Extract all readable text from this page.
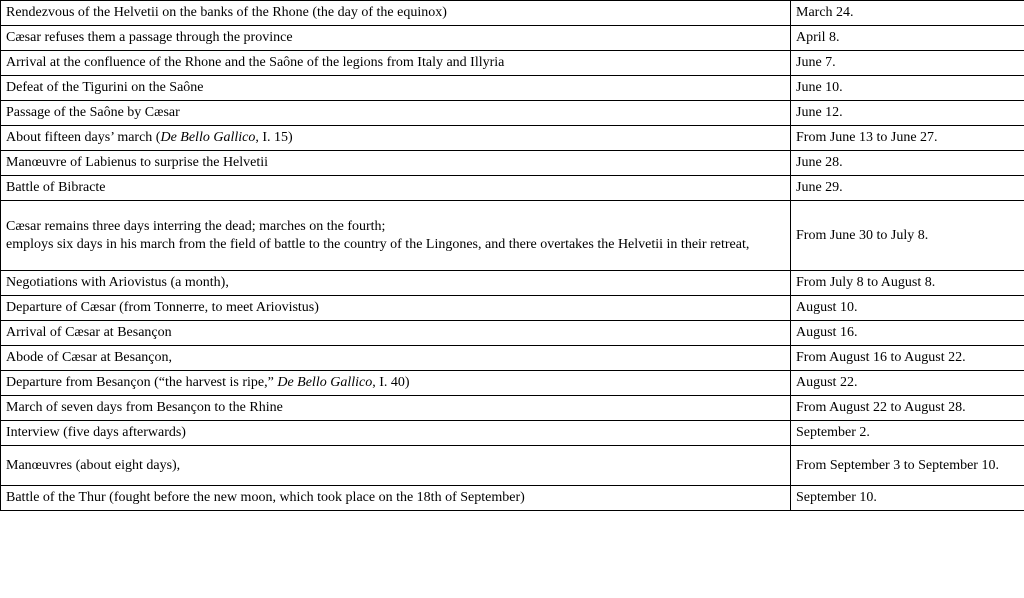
Rendezvous of the Helvetii on the banks of the Rhone (the day of the equinox)	March 24.
Cæsar refuses them a passage through the province	April 8.
Arrival at the confluence of the Rhone and the Saône of the legions from Italy and Illyria	June 7.
Defeat of the Tigurini on the Saône	June 10.
Passage of the Saône by Cæsar	June 12.
About fifteen days’ march (De Bello Gallico, I. 15)	From June 13 to June 27.
Manœuvre of Labienus to surprise the Helvetii	June 28.
Battle of Bibracte	June 29.
Cæsar remains three days interring the dead; marches on the fourth;
employs six days in his march from the field of battle to the country of the Lingones, and there overtakes the Helvetii in their retreat,	From June 30 to July 8.
Negotiations with Ariovistus (a month),	From July 8 to August 8.
Departure of Cæsar (from Tonnerre, to meet Ariovistus)	August 10.
Arrival of Cæsar at Besançon	August 16.
Abode of Cæsar at Besançon,	From August 16 to August 22.
Departure from Besançon (“the harvest is ripe,” De Bello Gallico, I. 40)	August 22.
March of seven days from Besançon to the Rhine	From August 22 to August 28.
Interview (five days afterwards)	September 2.
Manœuvres (about eight days),	From September 3 to September 10.
Battle of the Thur (fought before the new moon, which took place on the 18th of September)	September 10.
